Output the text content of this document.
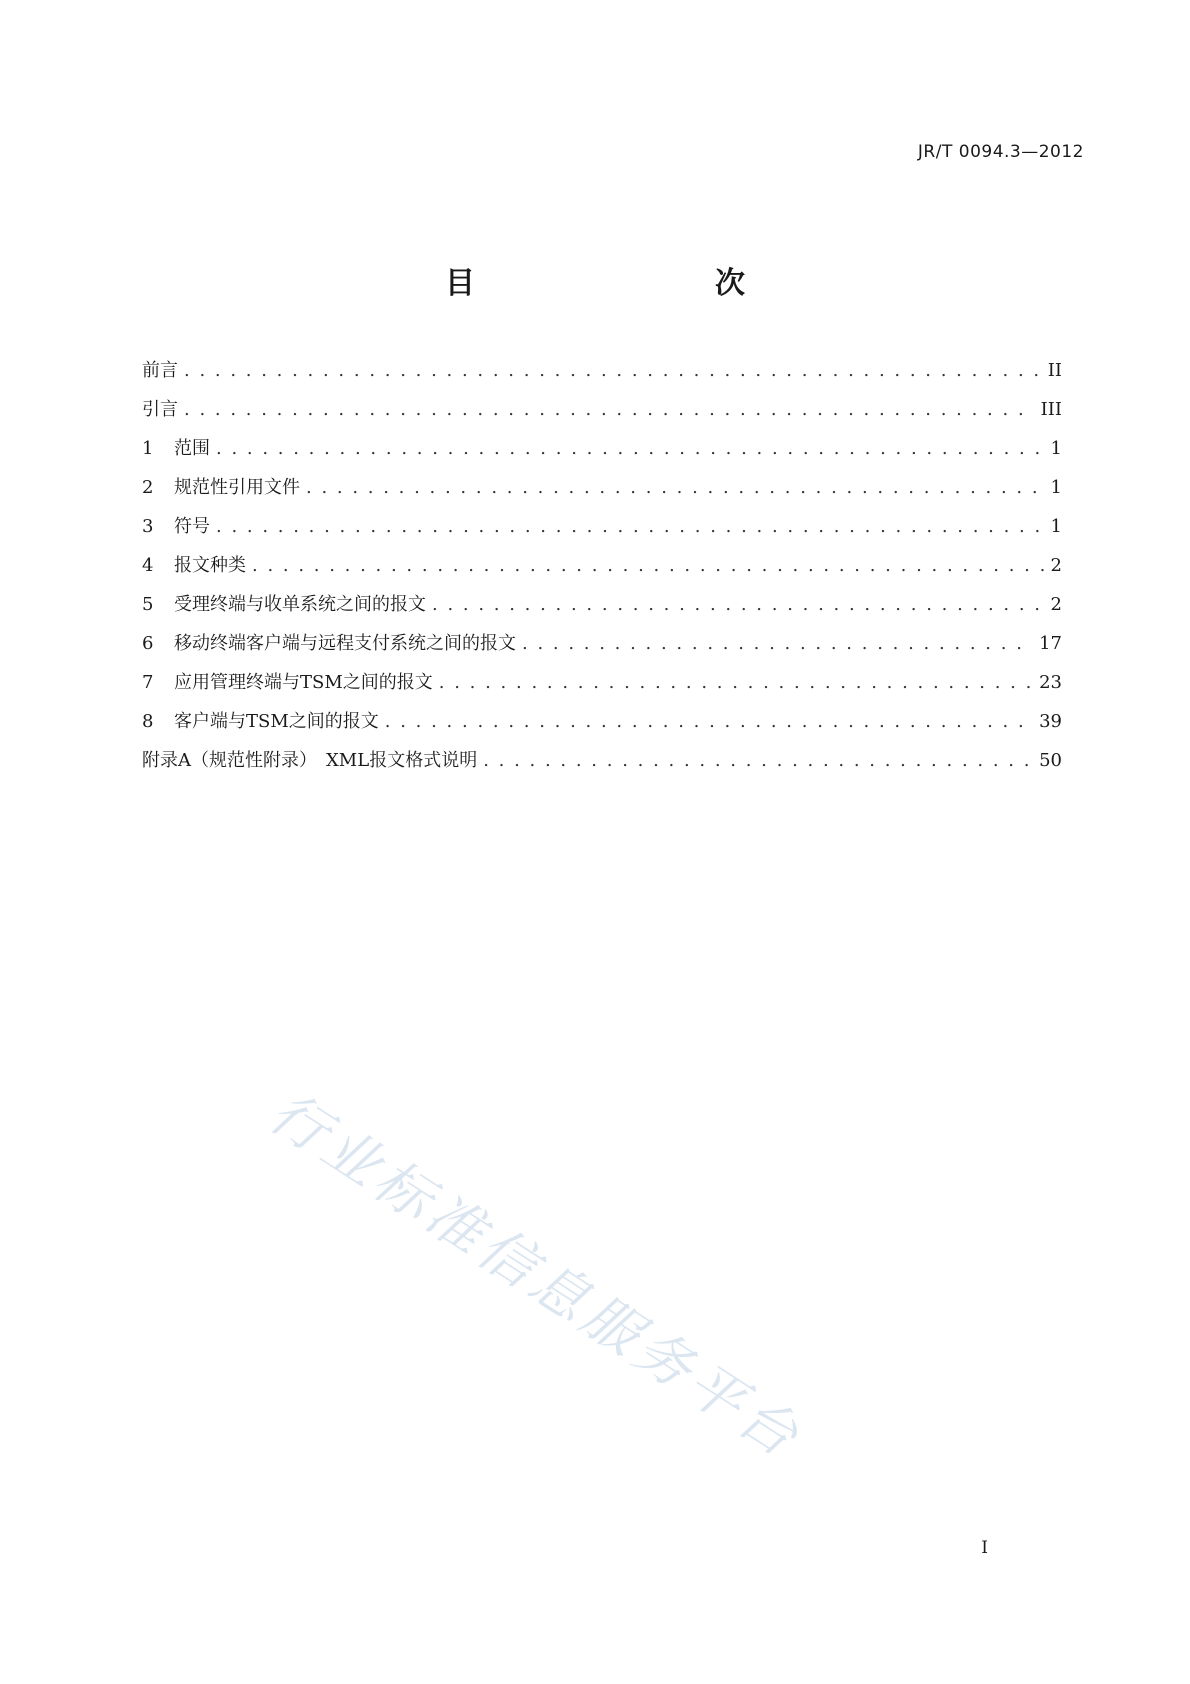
JR/T 0094.3—2012
目　　次
前言 . . .	II
引言 . . .	III
1	范围 . . .	1
2	规范性引用文件 . . .	1
3	符号 . . .	1
4	报文种类 . . .	2
5	受理终端与收单系统之间的报文 . . .	2
6	移动终端客户端与远程支付系统之间的报文 . . .	17
7	应用管理终端与TSM之间的报文 . . .	23
8	客户端与TSM之间的报文 . . .	39
附录A（规范性附录）　XML报文格式说明 . . .	50
行业标准信息服务平台
I
